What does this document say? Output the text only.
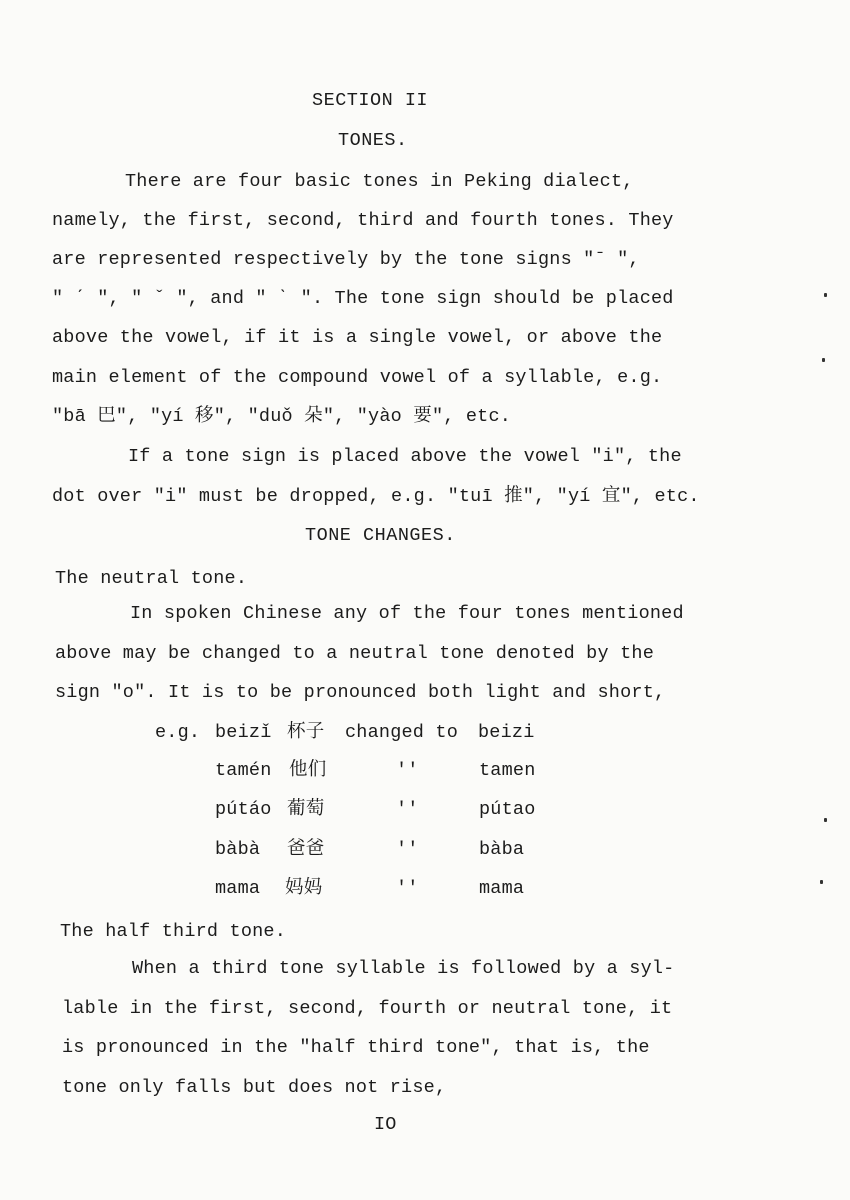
SECTION II
TONES.
There are four basic tones in Peking dialect,
namely, the first, second, third and fourth tones. They
are represented respectively by the tone signs "ˉ ",
" ˊ ", " ˇ ", and " ˋ ". The tone sign should be placed
above the vowel, if it is a single vowel, or above the
main element of the compound vowel of a syllable, e.g.
"bā 巴", "yí 移", "duǒ 朵", "yào 要", etc.
If a tone sign is placed above the vowel "i", the
dot over "i" must be dropped, e.g. "tuī 推", "yí 宜", etc.
TONE CHANGES.
The neutral tone.
In spoken Chinese any of the four tones mentioned
above may be changed to a neutral tone denoted by the
sign "o". It is to be pronounced both light and short,
e.g. beizǐ 杯子 changed to beizi
tamén 他们	''	tamen
pútáo 葡萄	''	pútao
bàbà 爸爸	''	bàba
mama 妈妈	''	mama
The half third tone.
When a third tone syllable is followed by a syl-
lable in the first, second, fourth or neutral tone, it
is pronounced in the "half third tone", that is, the
tone only falls but does not rise,
IO
